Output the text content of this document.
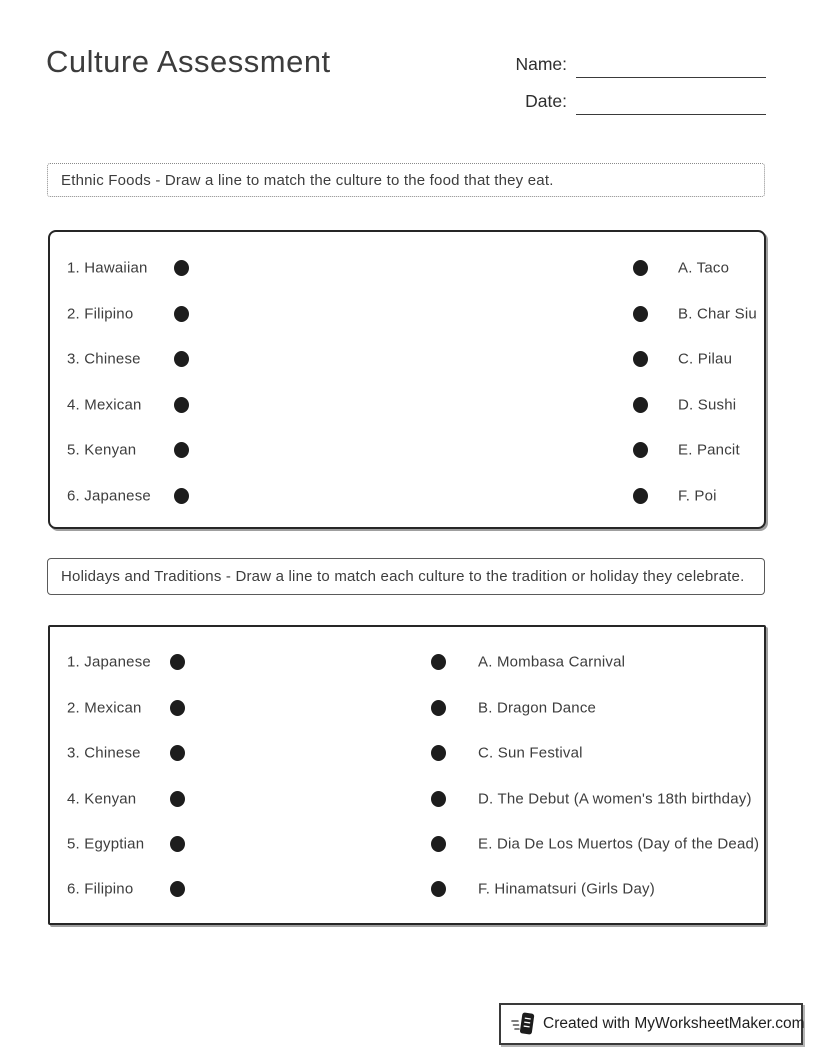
Culture Assessment	Name:
Date:
Ethnic Foods - Draw a line to match the culture to the food that they eat.
1. Hawaiian	A. Taco
2. Filipino	B. Char Siu
3. Chinese	C. Pilau
4. Mexican	D. Sushi
5. Kenyan	E. Pancit
6. Japanese	F. Poi
Holidays and Traditions - Draw a line to match each culture to the tradition or holiday they celebrate.
1. Japanese	A. Mombasa Carnival
2. Mexican	B. Dragon Dance
3. Chinese	C. Sun Festival
4. Kenyan	D. The Debut (A women's 18th birthday)
5. Egyptian	E. Dia De Los Muertos (Day of the Dead)
6. Filipino	F. Hinamatsuri (Girls Day)
Created with MyWorksheetMaker.com
